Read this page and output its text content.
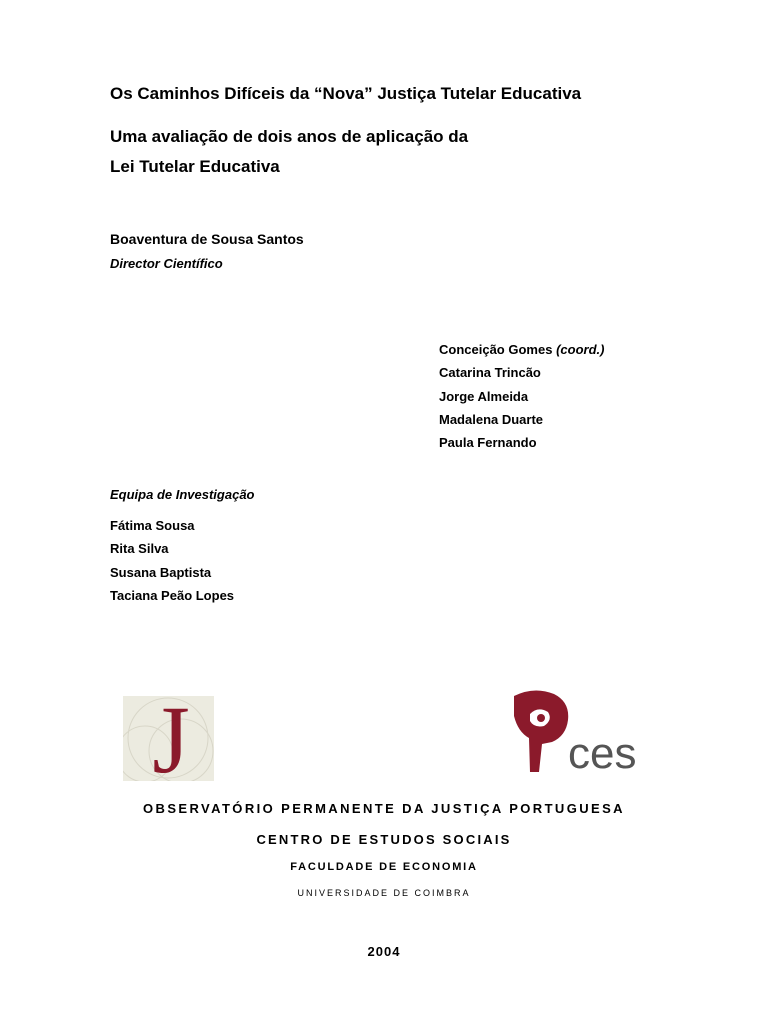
Os Caminhos Difíceis da “Nova” Justiça Tutelar Educativa
Uma avaliação de dois anos de aplicação da
Lei Tutelar Educativa
Boaventura de Sousa Santos
Director Científico
Conceição Gomes (coord.)
Catarina Trincão
Jorge Almeida
Madalena Duarte
Paula Fernando
Equipa de Investigação
Fátima Sousa
Rita Silva
Susana Baptista
Taciana Peão Lopes
J	ces
OBSERVATÓRIO PERMANENTE DA JUSTIÇA PORTUGUESA
CENTRO DE ESTUDOS SOCIAIS
FACULDADE DE ECONOMIA
UNIVERSIDADE DE COIMBRA
2004
